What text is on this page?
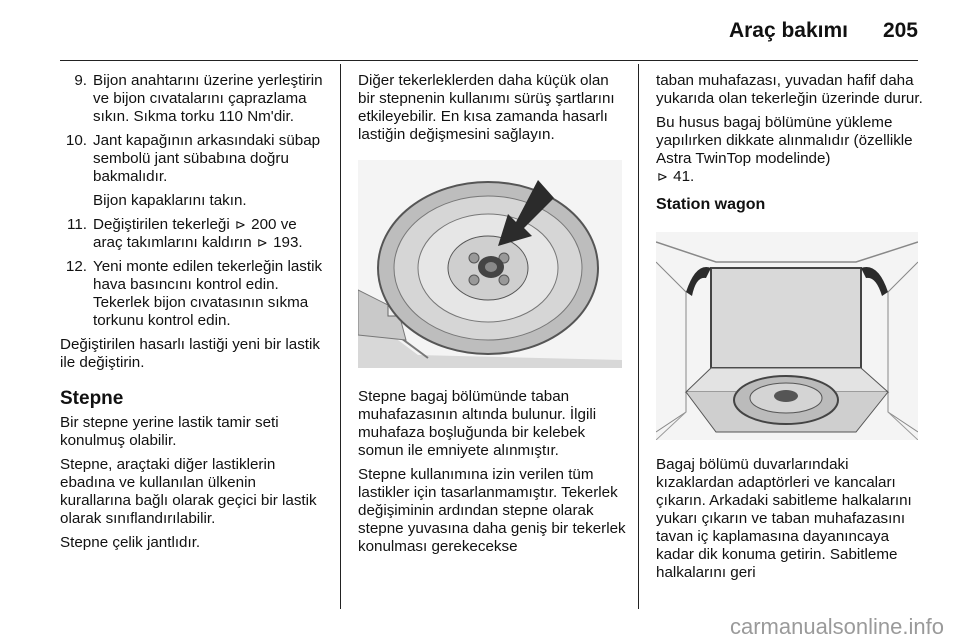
Araç bakımı 205
9. Bijon anahtarını üzerine yerleştirin ve bijon cıvatalarını çaprazlama sıkın. Sıkma torku 110 Nm'dir.
10. Jant kapağının arkasındaki sübap sembolü jant sübabına doğru bakmalıdır.

Bijon kapaklarını takın.

11. Değiştirilen tekerleği ⊳ 200 ve araç takımlarını kaldırın ⊳ 193.
12. Yeni monte edilen tekerleğin lastik hava basıncını kontrol edin. Tekerlek bijon cıvatasının sıkma torkunu kontrol edin.

Değiştirilen hasarlı lastiği yeni bir lastik ile değiştirin.

Stepne

Bir stepne yerine lastik tamir seti konulmuş olabilir.

Stepne, araçtaki diğer lastiklerin ebadına ve kullanılan ülkenin kurallarına bağlı olarak geçici bir lastik olarak sınıflandırılabilir.

Stepne çelik jantlıdır.

Diğer tekerleklerden daha küçük olan bir stepnenin kullanımı sürüş şartlarını etkileyebilir. En kısa zamanda hasarlı lastiğin değişmesini sağlayın.

Stepne bagaj bölümünde taban muhafazasının altında bulunur. İlgili muhafaza boşluğunda bir kelebek somun ile emniyete alınmıştır.

Stepne kullanımına izin verilen tüm lastikler için tasarlanmamıştır. Tekerlek değişiminin ardından stepne olarak stepne yuvasına daha geniş bir tekerlek konulması gerekecekse

taban muhafazası, yuvadan hafif daha yukarıda olan tekerleğin üzerinde durur.

Bu husus bagaj bölümüne yükleme yapılırken dikkate alınmalıdır (özellikle Astra TwinTop modelinde)
⊳ 41.

Station wagon

Bagaj bölümü duvarlarındaki kızaklardan adaptörleri ve kancaları çıkarın. Arkadaki sabitleme halkalarını yukarı çıkarın ve taban muhafazasını tavan iç kaplamasına dayanıncaya kadar dik konuma getirin. Sabitleme halkalarını geri

carmanualsonline.info
